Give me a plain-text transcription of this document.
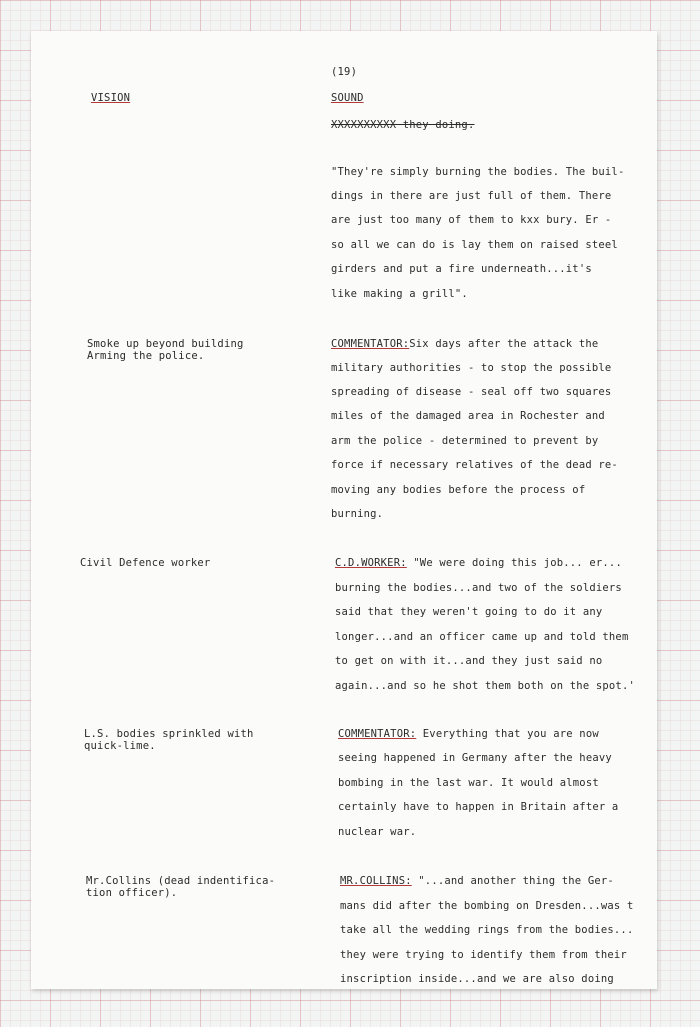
(19)
VISION	SOUND
XXXXXXXXXX they doing.
"They're simply burning the bodies. The buil-
dings in there are just full of them. There
are just too many of them to kxx bury. Er -
so all we can do is lay them on raised steel
girders and put a fire underneath...it's
like making a grill".
Smoke up beyond building
Arming the police.
COMMENTATOR:Six days after the attack the
military authorities - to stop the possible
spreading of disease - seal off two squares
miles of the damaged area in Rochester and
arm the police - determined to prevent by
force if necessary relatives of the dead re-
moving any bodies before the process of
burning.
Civil Defence worker	C.D.WORKER: "We were doing this job... er...
burning the bodies...and two of the soldiers
said that they weren't going to do it any
longer...and an officer came up and told them
to get on with it...and they just said no
again...and so he shot them both on the spot.'
L.S. bodies sprinkled with
quick-lime.
COMMENTATOR: Everything that you are now
seeing happened in Germany after the heavy
bombing in the last war. It would almost
certainly have to happen in Britain after a
nuclear war.
Mr.Collins (dead indentifica-
tion officer).
MR.COLLINS: "...and another thing the Ger-
mans did after the bombing on Dresden...was t
take all the wedding rings from the bodies...
they were trying to identify them from their
inscription inside...and we are also doing
